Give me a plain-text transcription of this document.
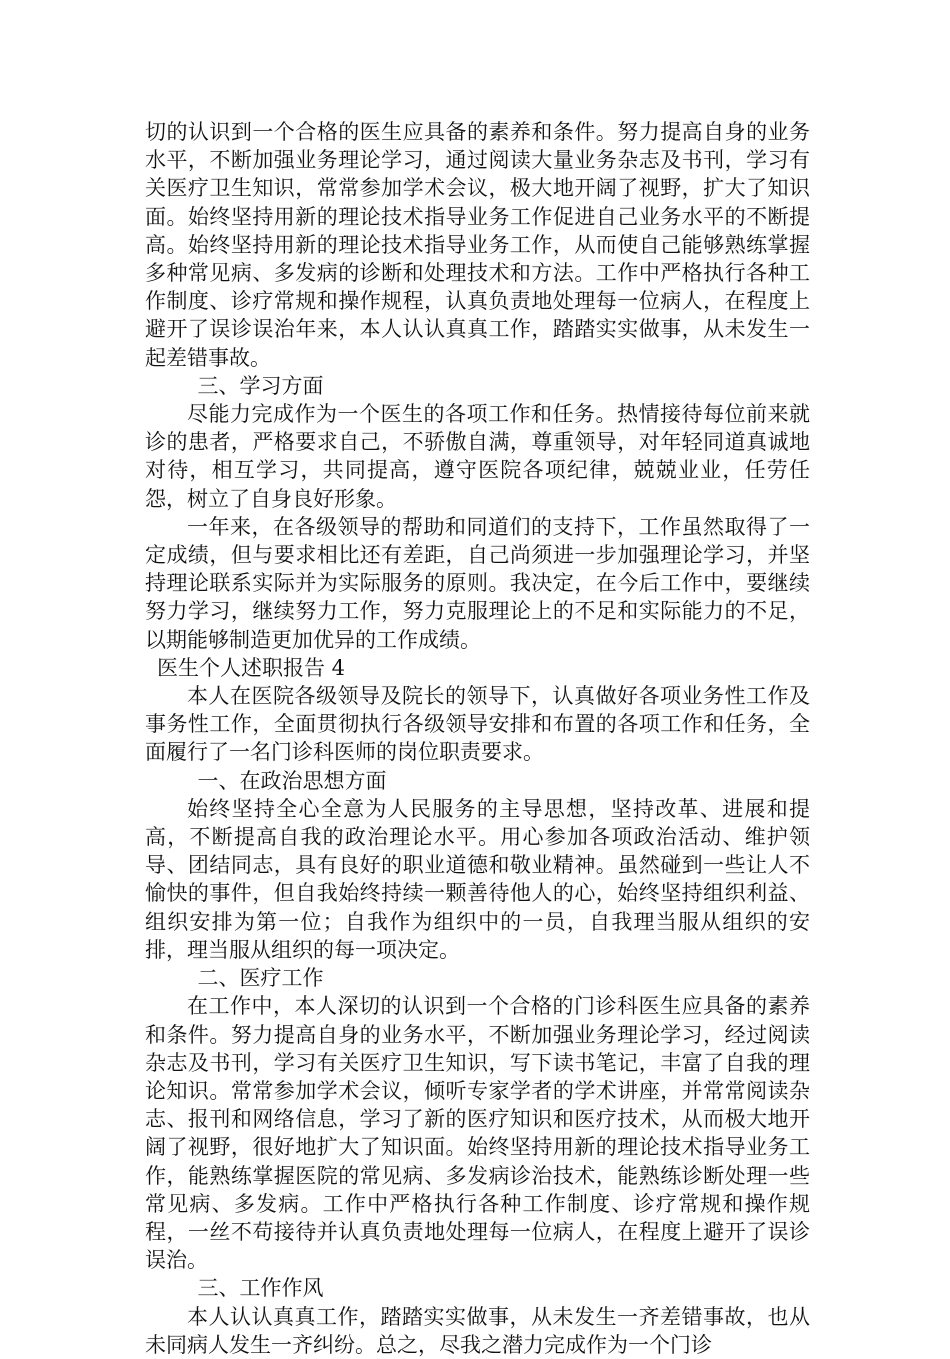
切的认识到一个合格的医生应具备的素养和条件。努力提高自身的业务水平，不断加强业务理论学习，通过阅读大量业务杂志及书刊，学习有关医疗卫生知识，常常参加学术会议，极大地开阔了视野，扩大了知识面。始终坚持用新的理论技术指导业务工作促进自己业务水平的不断提高。始终坚持用新的理论技术指导业务工作，从而使自己能够熟练掌握多种常见病、多发病的诊断和处理技术和方法。工作中严格执行各种工作制度、诊疗常规和操作规程，认真负责地处理每一位病人，在程度上避开了误诊误治年来，本人认认真真工作，踏踏实实做事，从未发生一起差错事故。

三、学习方面

尽能力完成作为一个医生的各项工作和任务。热情接待每位前来就诊的患者，严格要求自己，不骄傲自满，尊重领导，对年轻同道真诚地对待，相互学习，共同提高，遵守医院各项纪律，兢兢业业，任劳任怨，树立了自身良好形象。

一年来，在各级领导的帮助和同道们的支持下，工作虽然取得了一定成绩，但与要求相比还有差距，自己尚须进一步加强理论学习，并坚持理论联系实际并为实际服务的原则。我决定，在今后工作中，要继续努力学习，继续努力工作，努力克服理论上的不足和实际能力的不足，以期能够制造更加优异的工作成绩。

医生个人述职报告 4

本人在医院各级领导及院长的领导下，认真做好各项业务性工作及事务性工作，全面贯彻执行各级领导安排和布置的各项工作和任务，全面履行了一名门诊科医师的岗位职责要求。

一、在政治思想方面

始终坚持全心全意为人民服务的主导思想，坚持改革、进展和提高，不断提高自我的政治理论水平。用心参加各项政治活动、维护领导、团结同志，具有良好的职业道德和敬业精神。虽然碰到一些让人不愉快的事件，但自我始终持续一颗善待他人的心，始终坚持组织利益、组织安排为第一位；自我作为组织中的一员，自我理当服从组织的安排，理当服从组织的每一项决定。

二、医疗工作

在工作中，本人深切的认识到一个合格的门诊科医生应具备的素养和条件。努力提高自身的业务水平，不断加强业务理论学习，经过阅读杂志及书刊，学习有关医疗卫生知识，写下读书笔记，丰富了自我的理论知识。常常参加学术会议，倾听专家学者的学术讲座，并常常阅读杂志、报刊和网络信息，学习了新的医疗知识和医疗技术，从而极大地开阔了视野，很好地扩大了知识面。始终坚持用新的理论技术指导业务工作，能熟练掌握医院的常见病、多发病诊治技术，能熟练诊断处理一些常见病、多发病。工作中严格执行各种工作制度、诊疗常规和操作规程，一丝不苟接待并认真负责地处理每一位病人，在程度上避开了误诊误治。

三、工作作风

本人认认真真工作，踏踏实实做事，从未发生一齐差错事故，也从未同病人发生一齐纠纷。总之，尽我之潜力完成作为一个门诊
